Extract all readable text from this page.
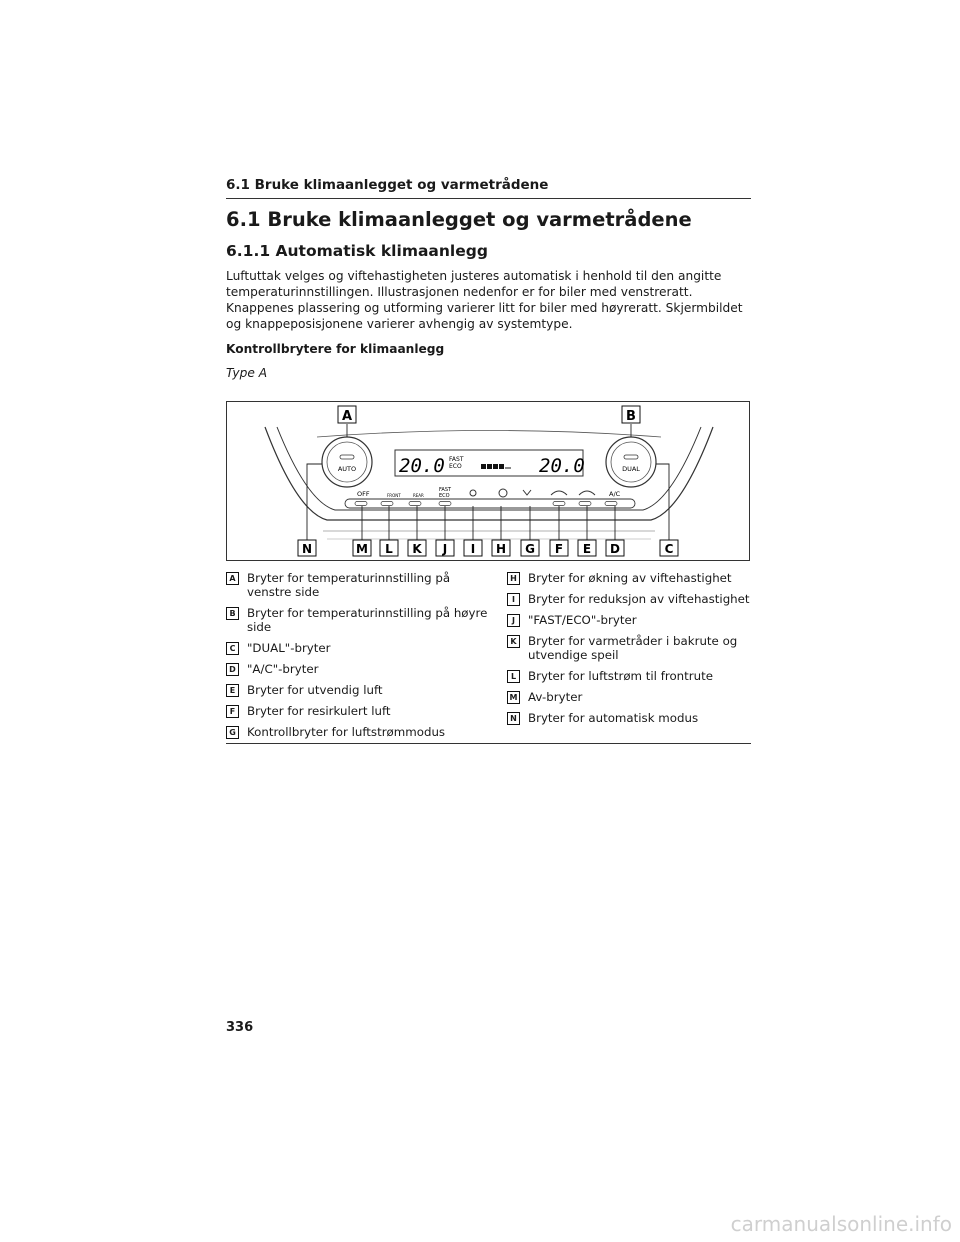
6.1 Bruke klimaanlegget og varmetrådene
6.1 Bruke klimaanlegget og varmetrådene
6.1.1 Automatisk klimaanlegg

Luftuttak velges og viftehastigheten justeres automatisk i henhold til den angitte temperaturinnstillingen. Illustrasjonen nedenfor er for biler med venstreratt. Knappenes plassering og utforming varierer litt for biler med høyreratt. Skjermbildet og knappeposisjonene varierer avhengig av systemtype.

Kontrollbrytere for klimaanlegg

Type A

AUTO	DUAL
20.0	20.0
FAST
ECO
OFF	FRONT	REAR
FAST
ECO	A/C
N	M L K J I H G F E D	C
A	B
A Bryter for temperaturinnstilling på venstre side
B Bryter for temperaturinnstilling på høyre side
C "DUAL"-bryter
D "A/C"-bryter
E Bryter for utvendig luft
F Bryter for resirkulert luft
G Kontrollbryter for luftstrømmodus
H Bryter for økning av viftehastighet
I	Bryter for reduksjon av viftehastighet
J	"FAST/ECO"-bryter
K Bryter for varmetråder i bakrute og utvendige speil
L	Bryter for luftstrøm til frontrute
M Av-bryter
N Bryter for automatisk modus
336
carmanualsonline.info
